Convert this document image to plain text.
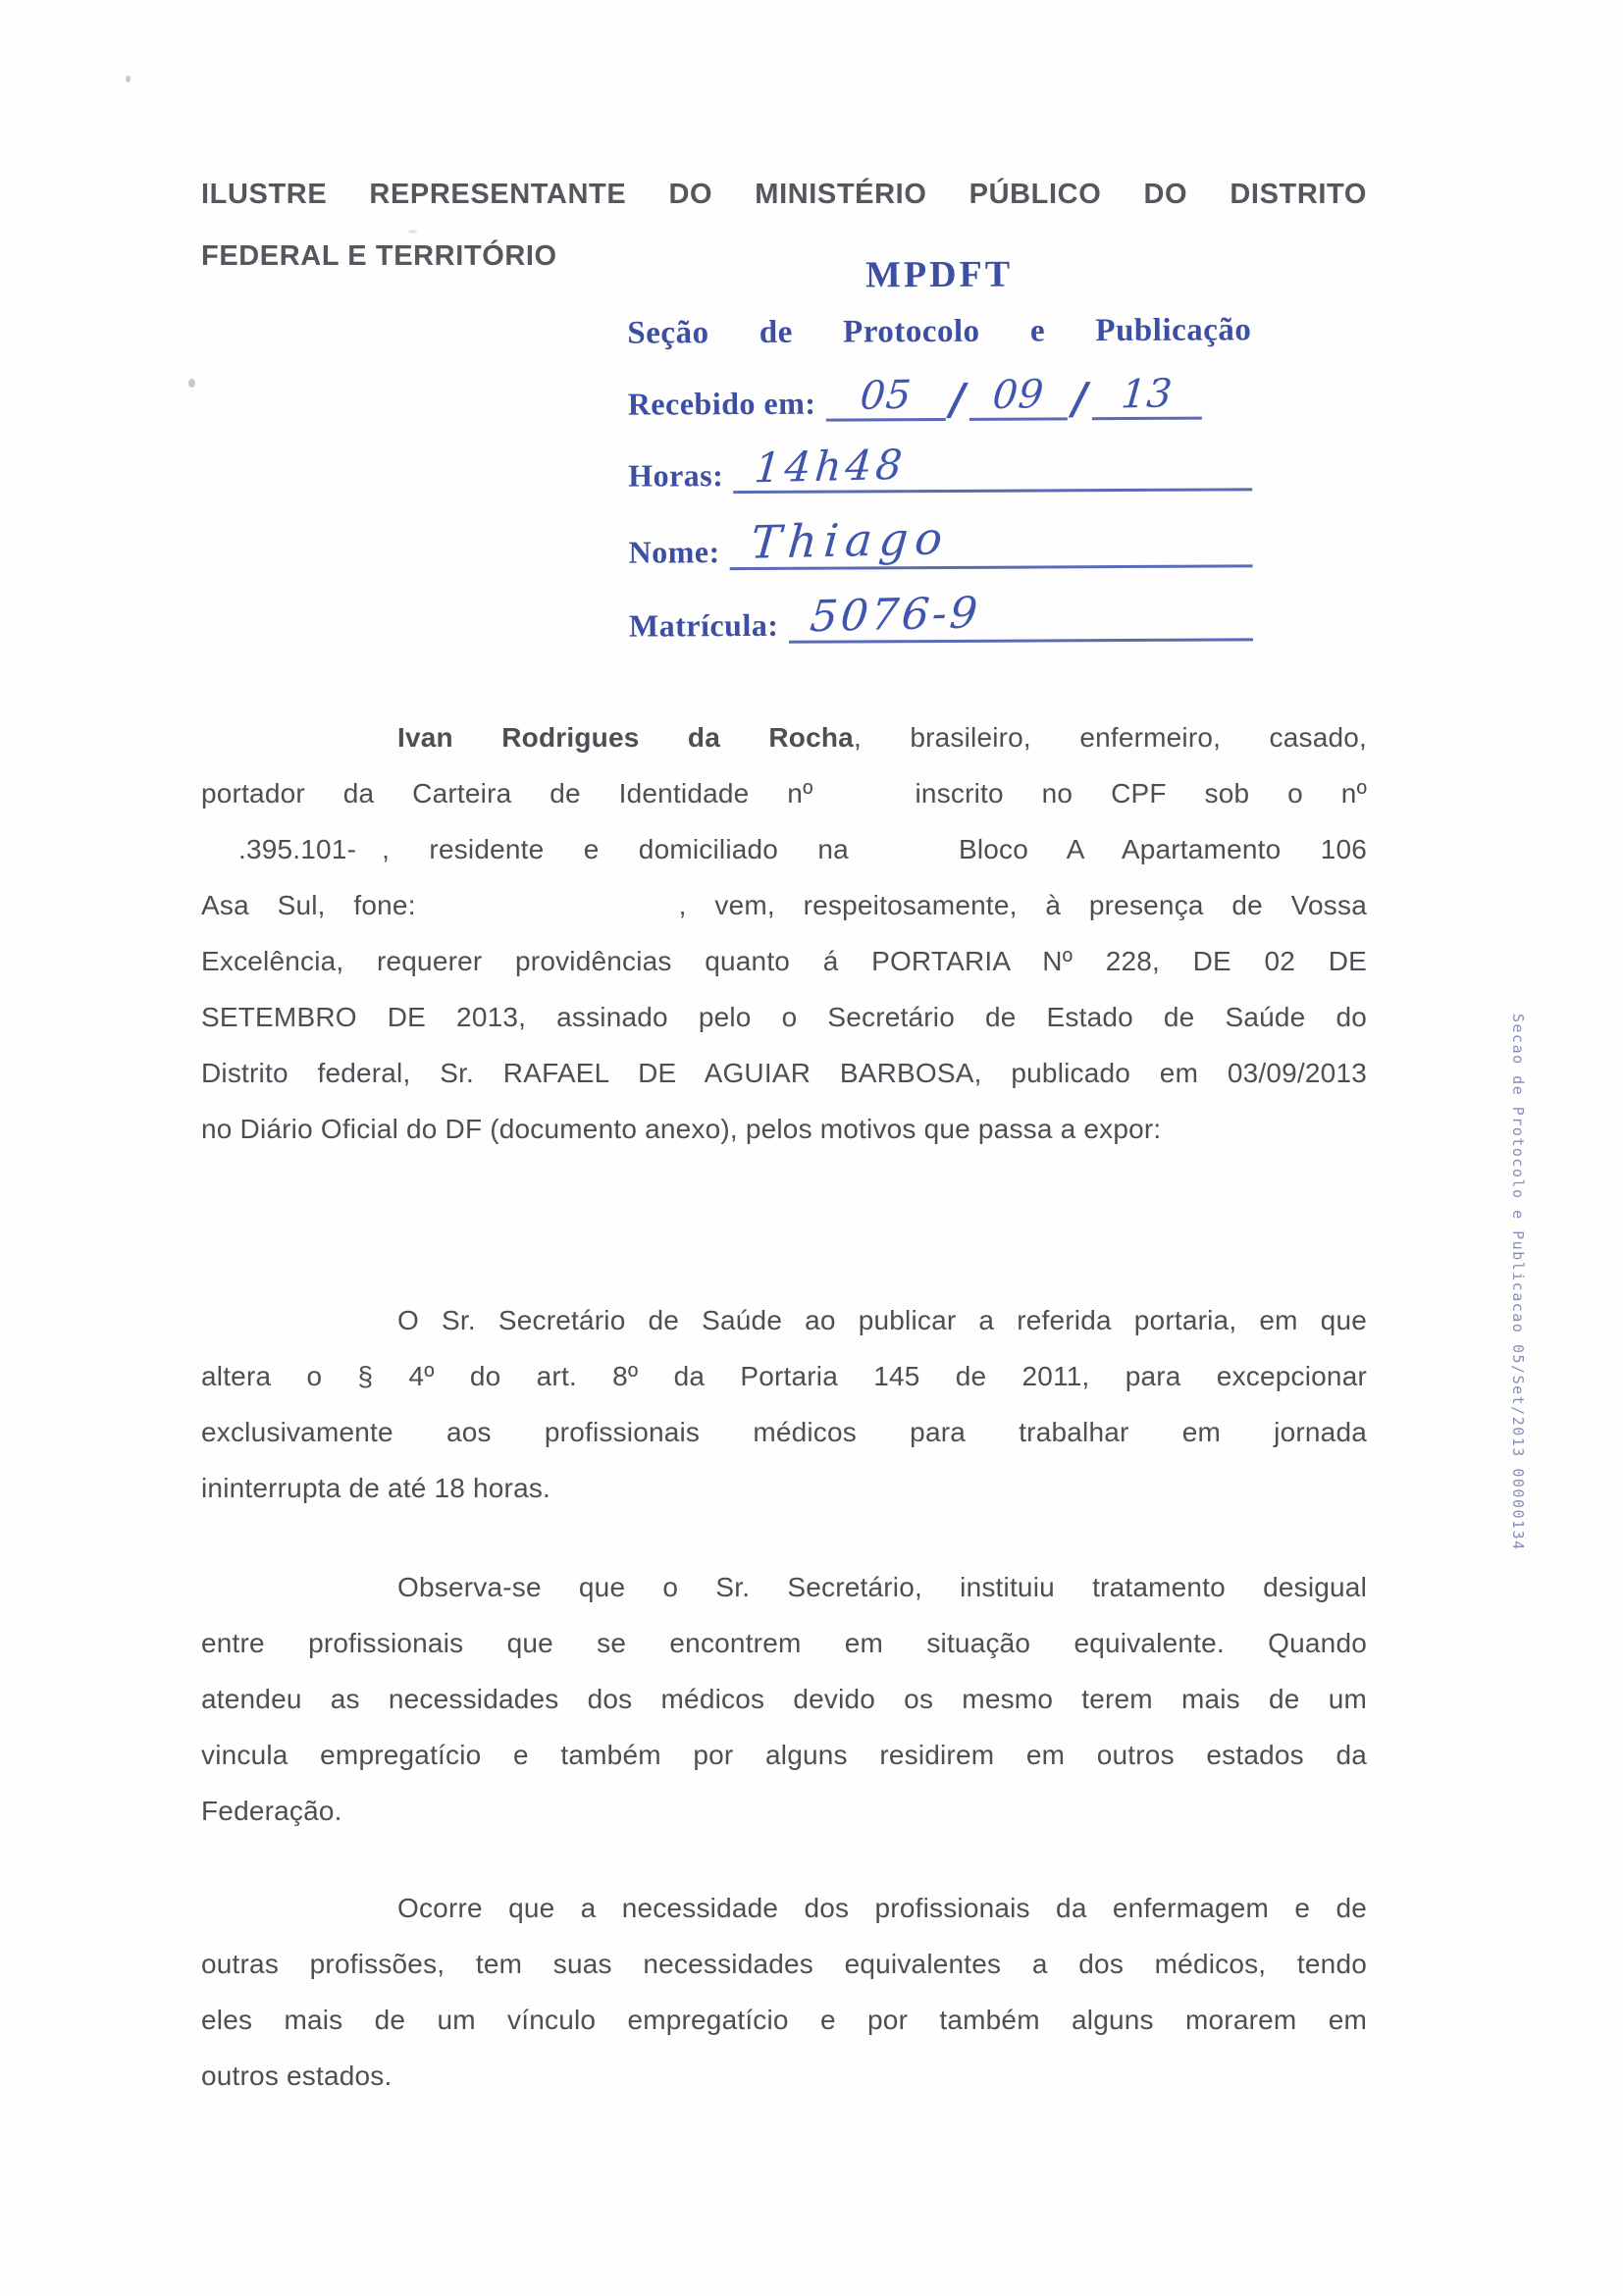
ILUSTRE REPRESENTANTE DO MINISTÉRIO PÚBLICO DO DISTRITO
FEDERAL E TERRITÓRIO	MPDFT
Seção de Protocolo e Publicação
Recebido em:	05 / 09 / 13
Horas: 14h48
Nome: Thiago
Matrícula: 5076-9
Ivan Rodrigues da Rocha, brasileiro, enfermeiro, casado,
portador da Carteira de Identidade nº	inscrito no CPF sob o nº
.395.101- , residente e domiciliado na	Bloco A Apartamento 106
Asa Sul, fone:	, vem, respeitosamente, à presença de Vossa
Excelência, requerer providências quanto á PORTARIA Nº 228, DE 02 DE
SETEMBRO DE 2013, assinado pelo o Secretário de Estado de Saúde do
Distrito federal, Sr. RAFAEL DE AGUIAR BARBOSA, publicado em 03/09/2013
no Diário Oficial do DF (documento anexo), pelos motivos que passa a expor:
O Sr. Secretário de Saúde ao publicar a referida portaria, em que
altera o § 4º do art. 8º da Portaria 145 de 2011, para excepcionar
exclusivamente aos profissionais médicos para trabalhar em jornada
ininterrupta de até 18 horas.
Observa-se que o Sr. Secretário, instituiu tratamento desigual
entre profissionais que se encontrem em situação equivalente. Quando
atendeu as necessidades dos médicos devido os mesmo terem mais de um
vincula empregatício e também por alguns residirem em outros estados da
Federação.
Ocorre que a necessidade dos profissionais da enfermagem e de
outras profissões, tem suas necessidades equivalentes a dos médicos, tendo
eles mais de um vínculo empregatício e por também alguns morarem em
outros estados.
Secao de Protocolo e Publicacao 05/Set/2013 00000134
